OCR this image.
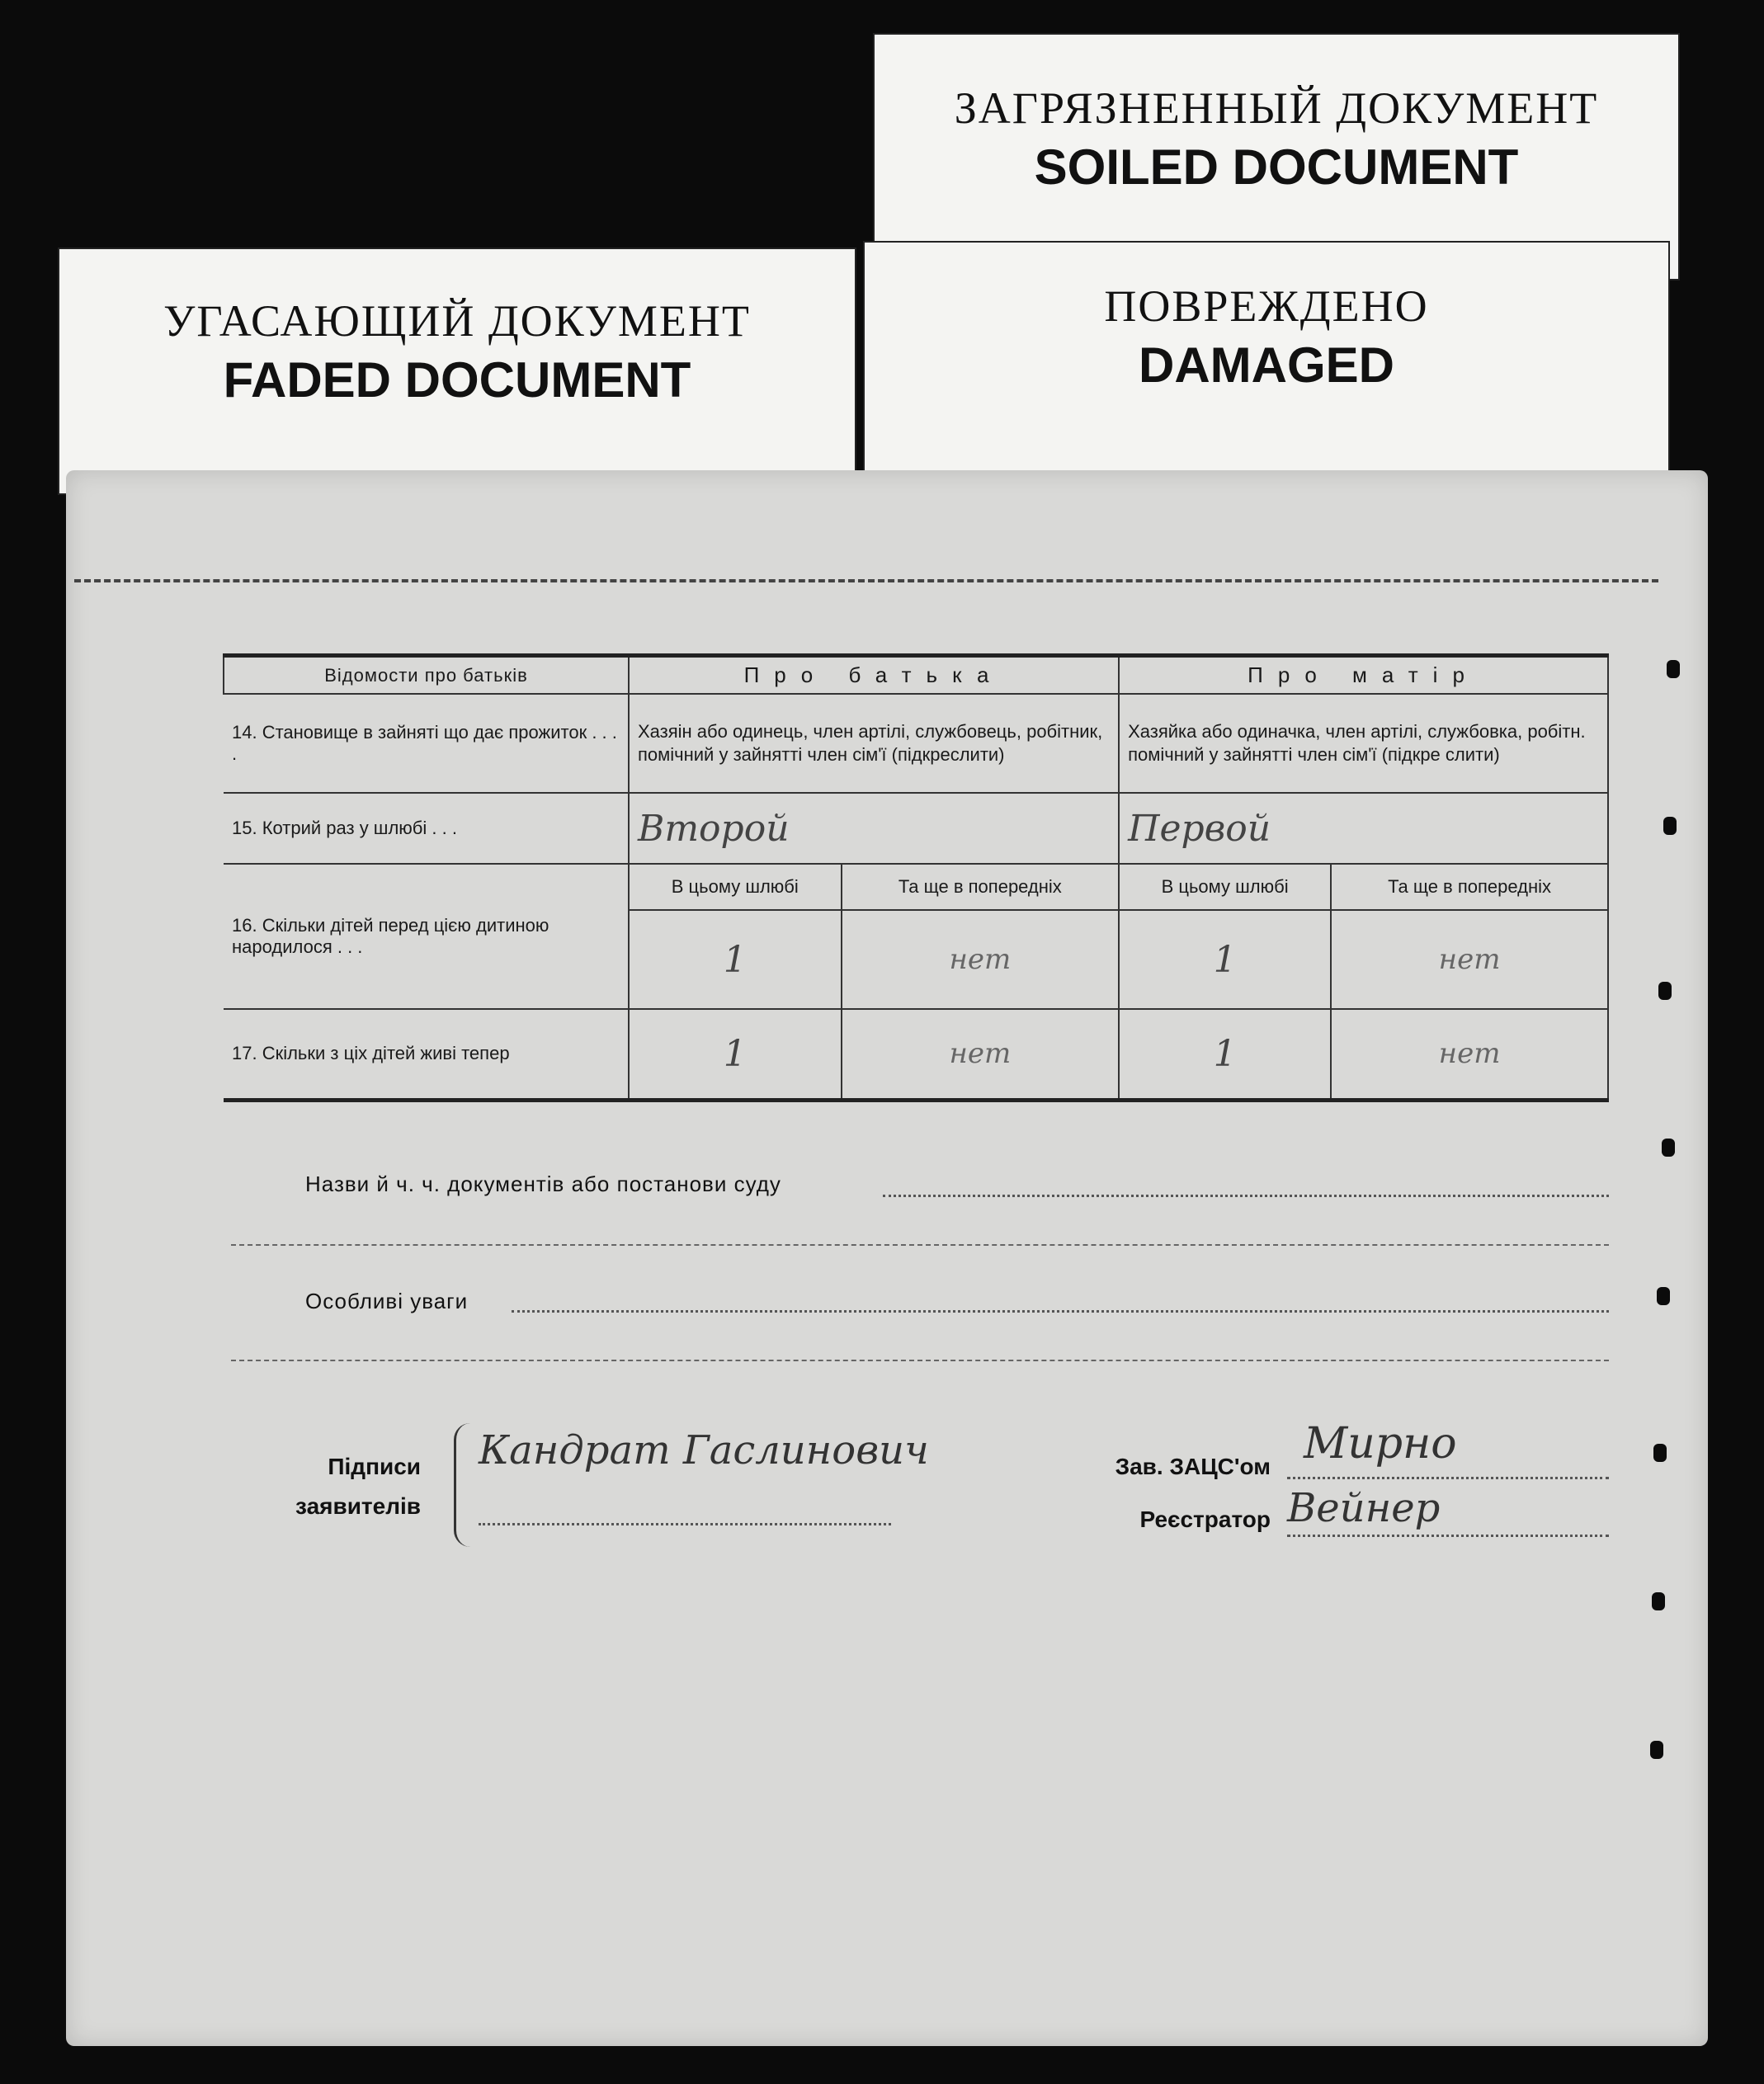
ЗАГРЯЗНЕННЫЙ ДОКУМЕНТ
SOILED DOCUMENT
УГАСАЮЩИЙ ДОКУМЕНТ
FADED DOCUMENT
ПОВРЕЖДЕНО
DAMAGED
Відомости про батьків	Про батька		Про матір	
14. Становище в зайняті що дає прожиток . . . .	Хазяін або одинець, член артілі, службовець, робітник, помічний у зайнятті член сім'ї (підкреслити)		Хазяйка або одиначка, член артілі, службовка, робітн. помічний у зайнятті член сім'ї (підкре слити)	
15. Котрий раз у шлюбі . . .	Второй		Первой	
16. Скільки дітей перед цією дитиною народилося . . .	В цьому шлюбі	Та ще в попередніх	В цьому шлюбі	Та ще в попередніх
	1	нет	1	нет
17. Скільки з ціх дітей живі тепер	1	нет	1	нет
Назви й ч. ч. документів або постанови суду
Особливі уваги
Підписи
заявителів
Кандрат Гаслинович	Зав. ЗАЦС'ом Мирно
Реєстратор Вейнер
